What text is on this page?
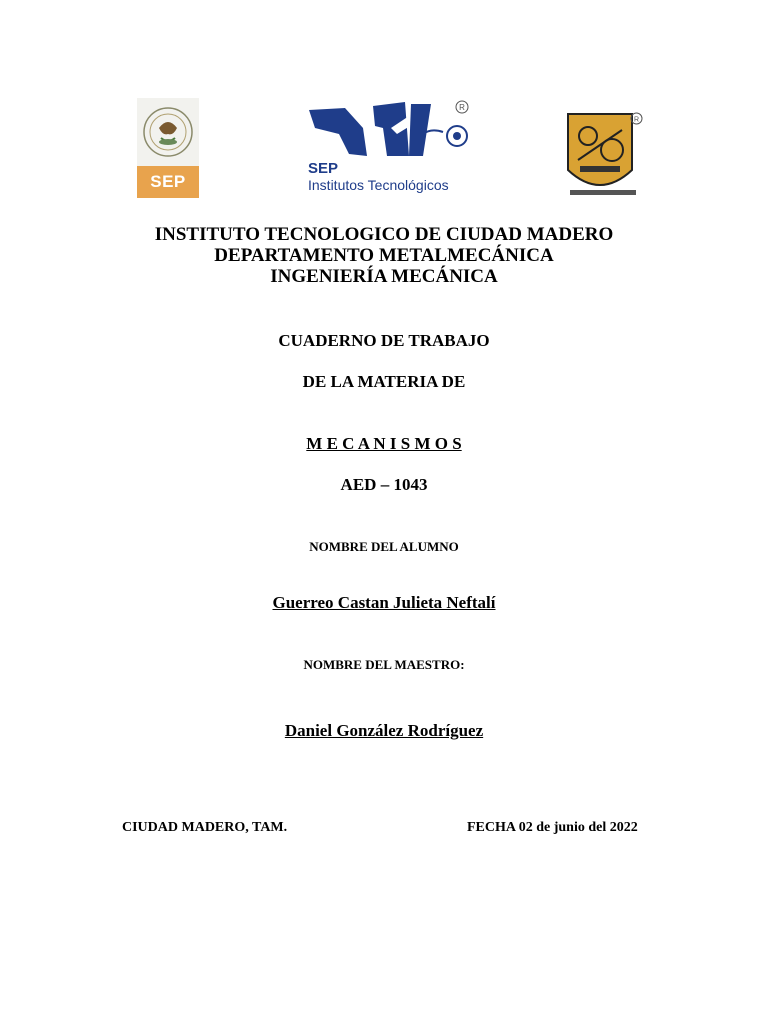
SEP
R
SEP
Institutos Tecnológicos
R
INSTITUTO TECNOLOGICO DE CIUDAD MADERO
DEPARTAMENTO METALMECÁNICA
INGENIERÍA MECÁNICA
CUADERNO DE TRABAJO
DE LA MATERIA DE
M E C A N I S M O S
AED – 1043
NOMBRE DEL ALUMNO
Guerreo Castan Julieta Neftalí
NOMBRE DEL MAESTRO:
Daniel González Rodríguez
CIUDAD MADERO, TAM.	FECHA 02 de junio del 2022
